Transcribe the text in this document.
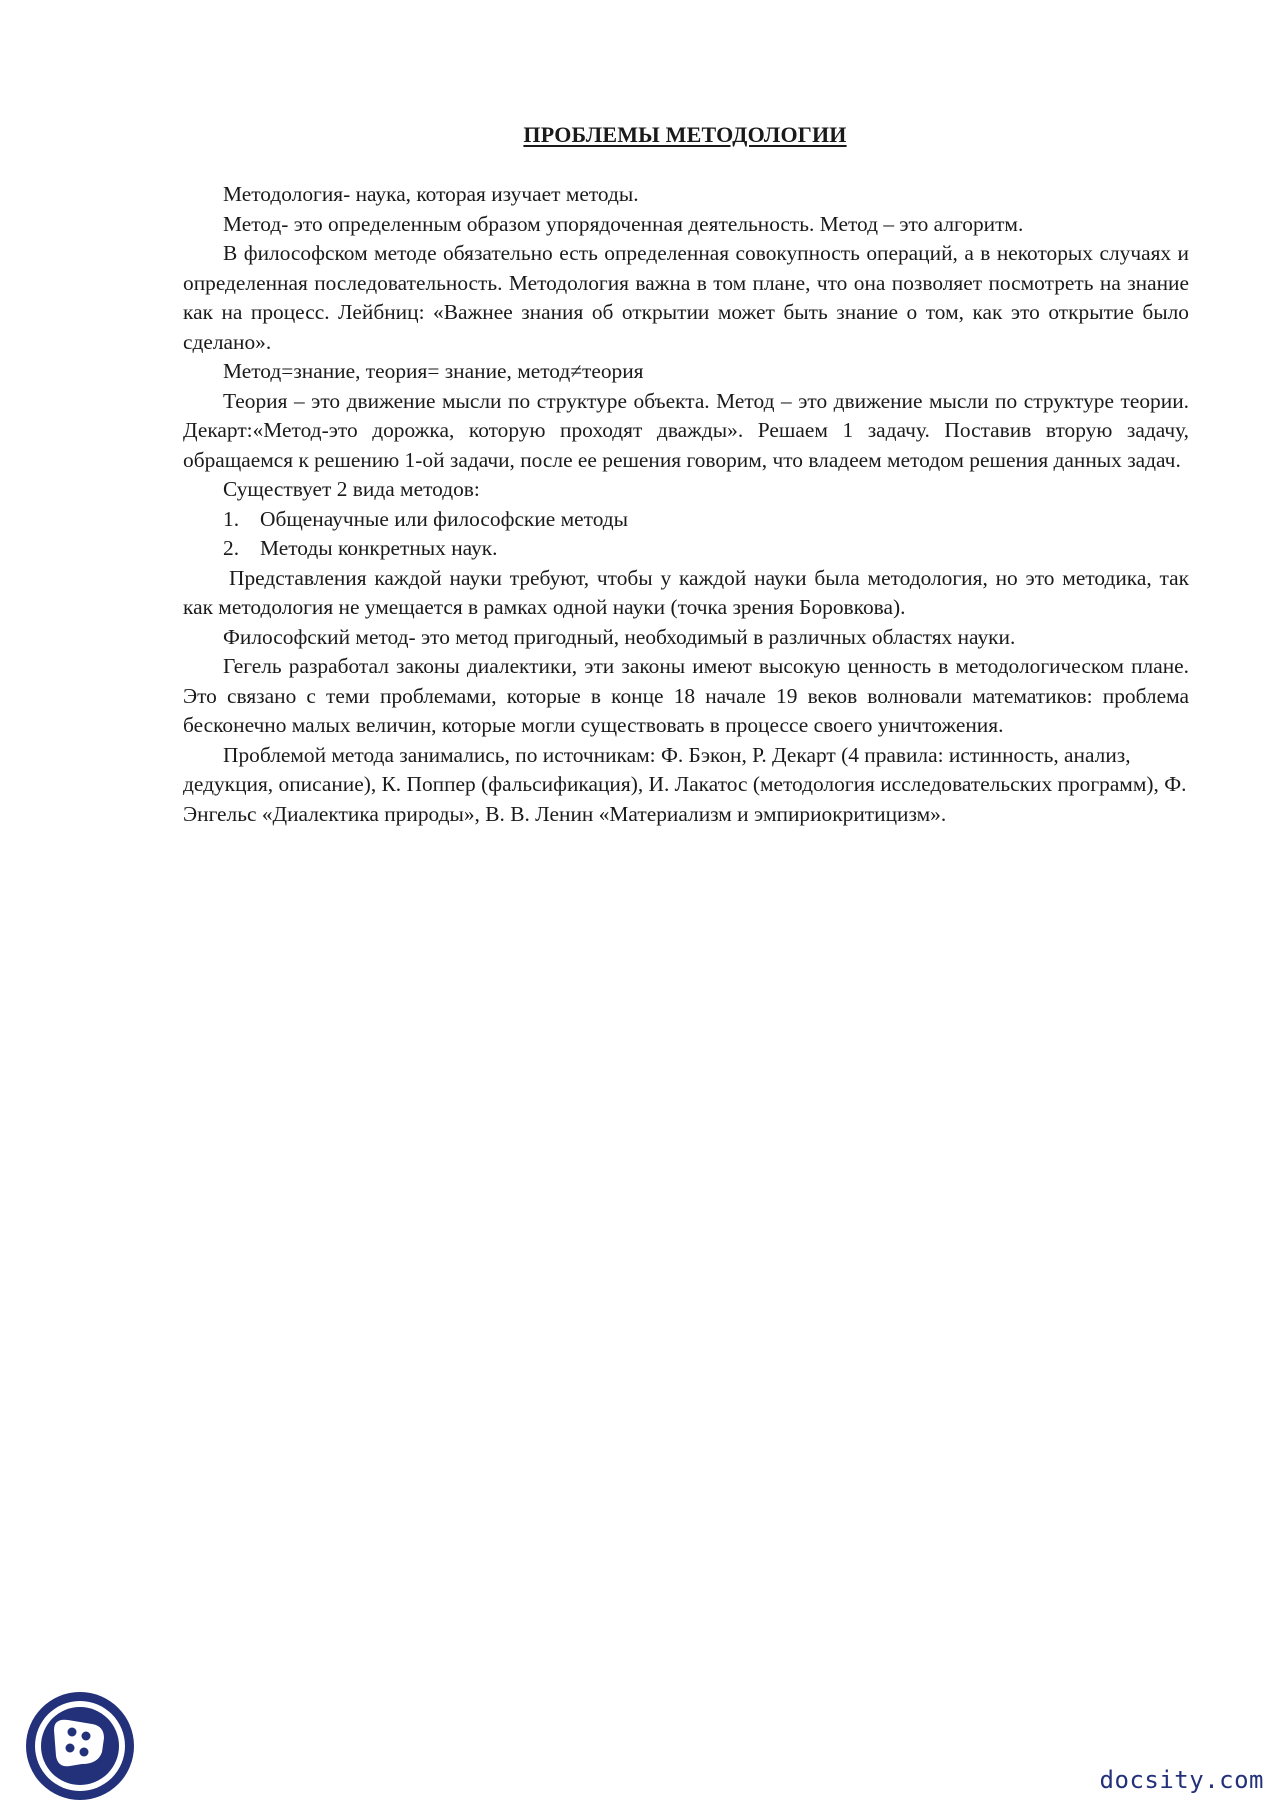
ПРОБЛЕМЫ МЕТОДОЛОГИИ

Методология- наука, которая изучает методы.

Метод- это определенным образом упорядоченная деятельность. Метод – это алгоритм.

В философском методе обязательно есть определенная совокупность операций, а в некоторых случаях и определенная последовательность. Методология важна в том плане, что она позволяет посмотреть на знание как на процесс. Лейбниц: «Важнее знания об открытии может быть знание о том, как это открытие было сделано».

Метод=знание, теория= знание, метод≠теория

Теория – это движение мысли по структуре объекта. Метод – это движение мысли по структуре теории. Декарт:«Метод-это дорожка, которую проходят дважды». Решаем 1 задачу. Поставив вторую задачу, обращаемся к решению 1-ой задачи, после ее решения говорим, что владеем методом решения данных задач.

Существует 2 вида методов:

1. Общенаучные или философские методы
2. Методы конкретных наук.

Представления каждой науки требуют, чтобы у каждой науки была методология, но это методика, так как методология не умещается в рамках одной науки (точка зрения Боровкова).

Философский метод- это метод пригодный, необходимый в различных областях науки.

Гегель разработал законы диалектики, эти законы имеют высокую ценность в методологическом плане. Это связано с теми проблемами, которые в конце 18 начале 19 веков волновали математиков: проблема бесконечно малых величин, которые могли существовать в процессе своего уничтожения.

Проблемой метода занимались, по источникам: Ф. Бэкон, Р. Декарт (4 правила: истинность, анализ, дедукция, описание), К. Поппер (фальсификация), И. Лакатос (методология исследовательских программ), Ф. Энгельс «Диалектика природы», В. В. Ленин «Материализм и эмпириокритицизм».

docsity.com
